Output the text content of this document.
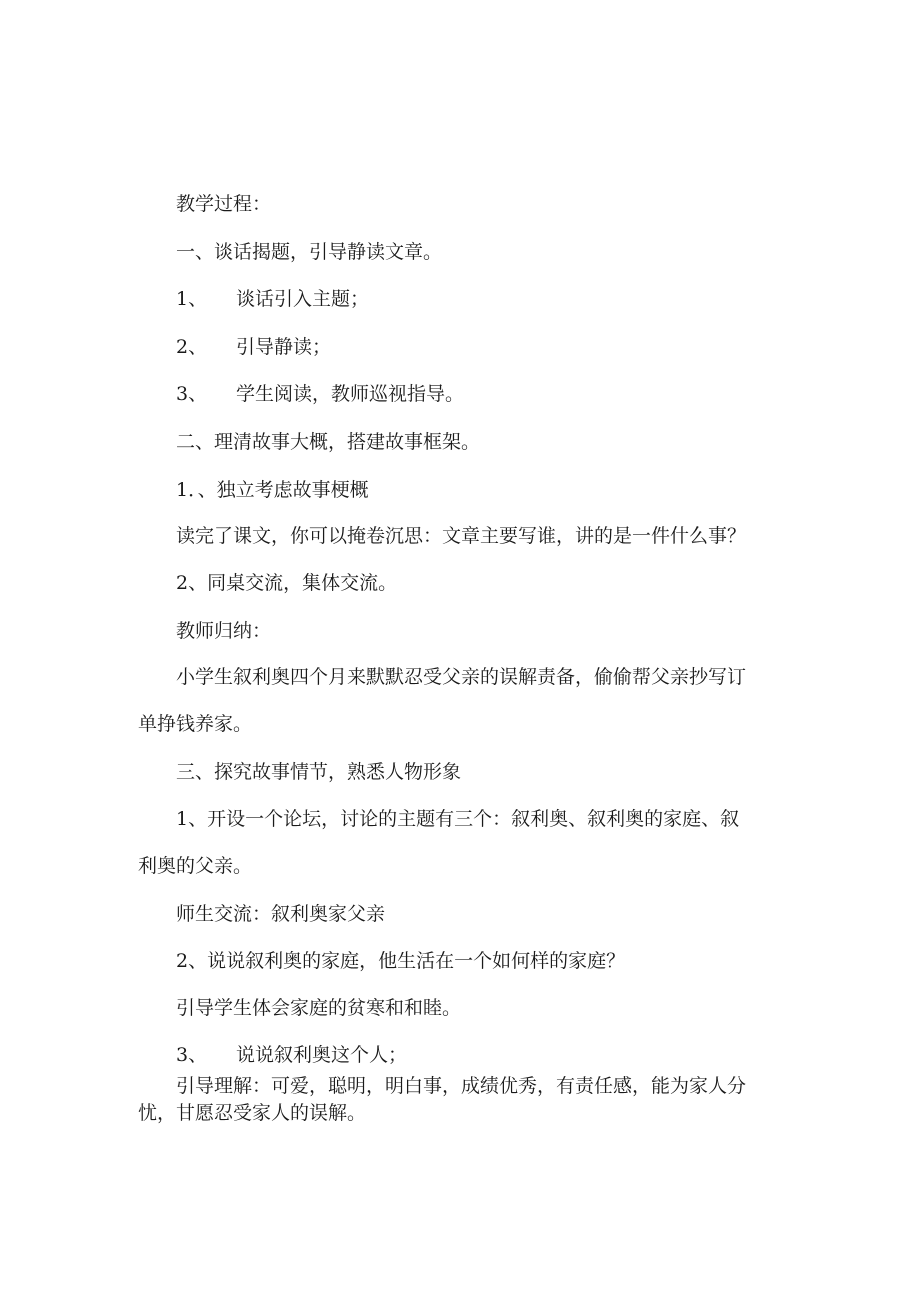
教学过程：
一、谈话揭题，引导静读文章。
1、 谈话引入主题；
2、 引导静读；
3、 学生阅读，教师巡视指导。
二、理清故事大概，搭建故事框架。
1．、独立考虑故事梗概
读完了课文，你可以掩卷沉思：文章主要写谁，讲的是一件什么事？
2、同桌交流，集体交流。
教师归纳：
小学生叙利奥四个月来默默忍受父亲的误解责备，偷偷帮父亲抄写订
单挣钱养家。
三、探究故事情节，熟悉人物形象
1、开设一个论坛，讨论的主题有三个：叙利奥、叙利奥的家庭、叙
利奥的父亲。
师生交流：叙利奥家父亲
2、说说叙利奥的家庭，他生活在一个如何样的家庭？
引导学生体会家庭的贫寒和和睦。
3、 说说叙利奥这个人；
引导理解：可爱，聪明，明白事，成绩优秀，有责任感，能为家人分
忧，甘愿忍受家人的误解。
